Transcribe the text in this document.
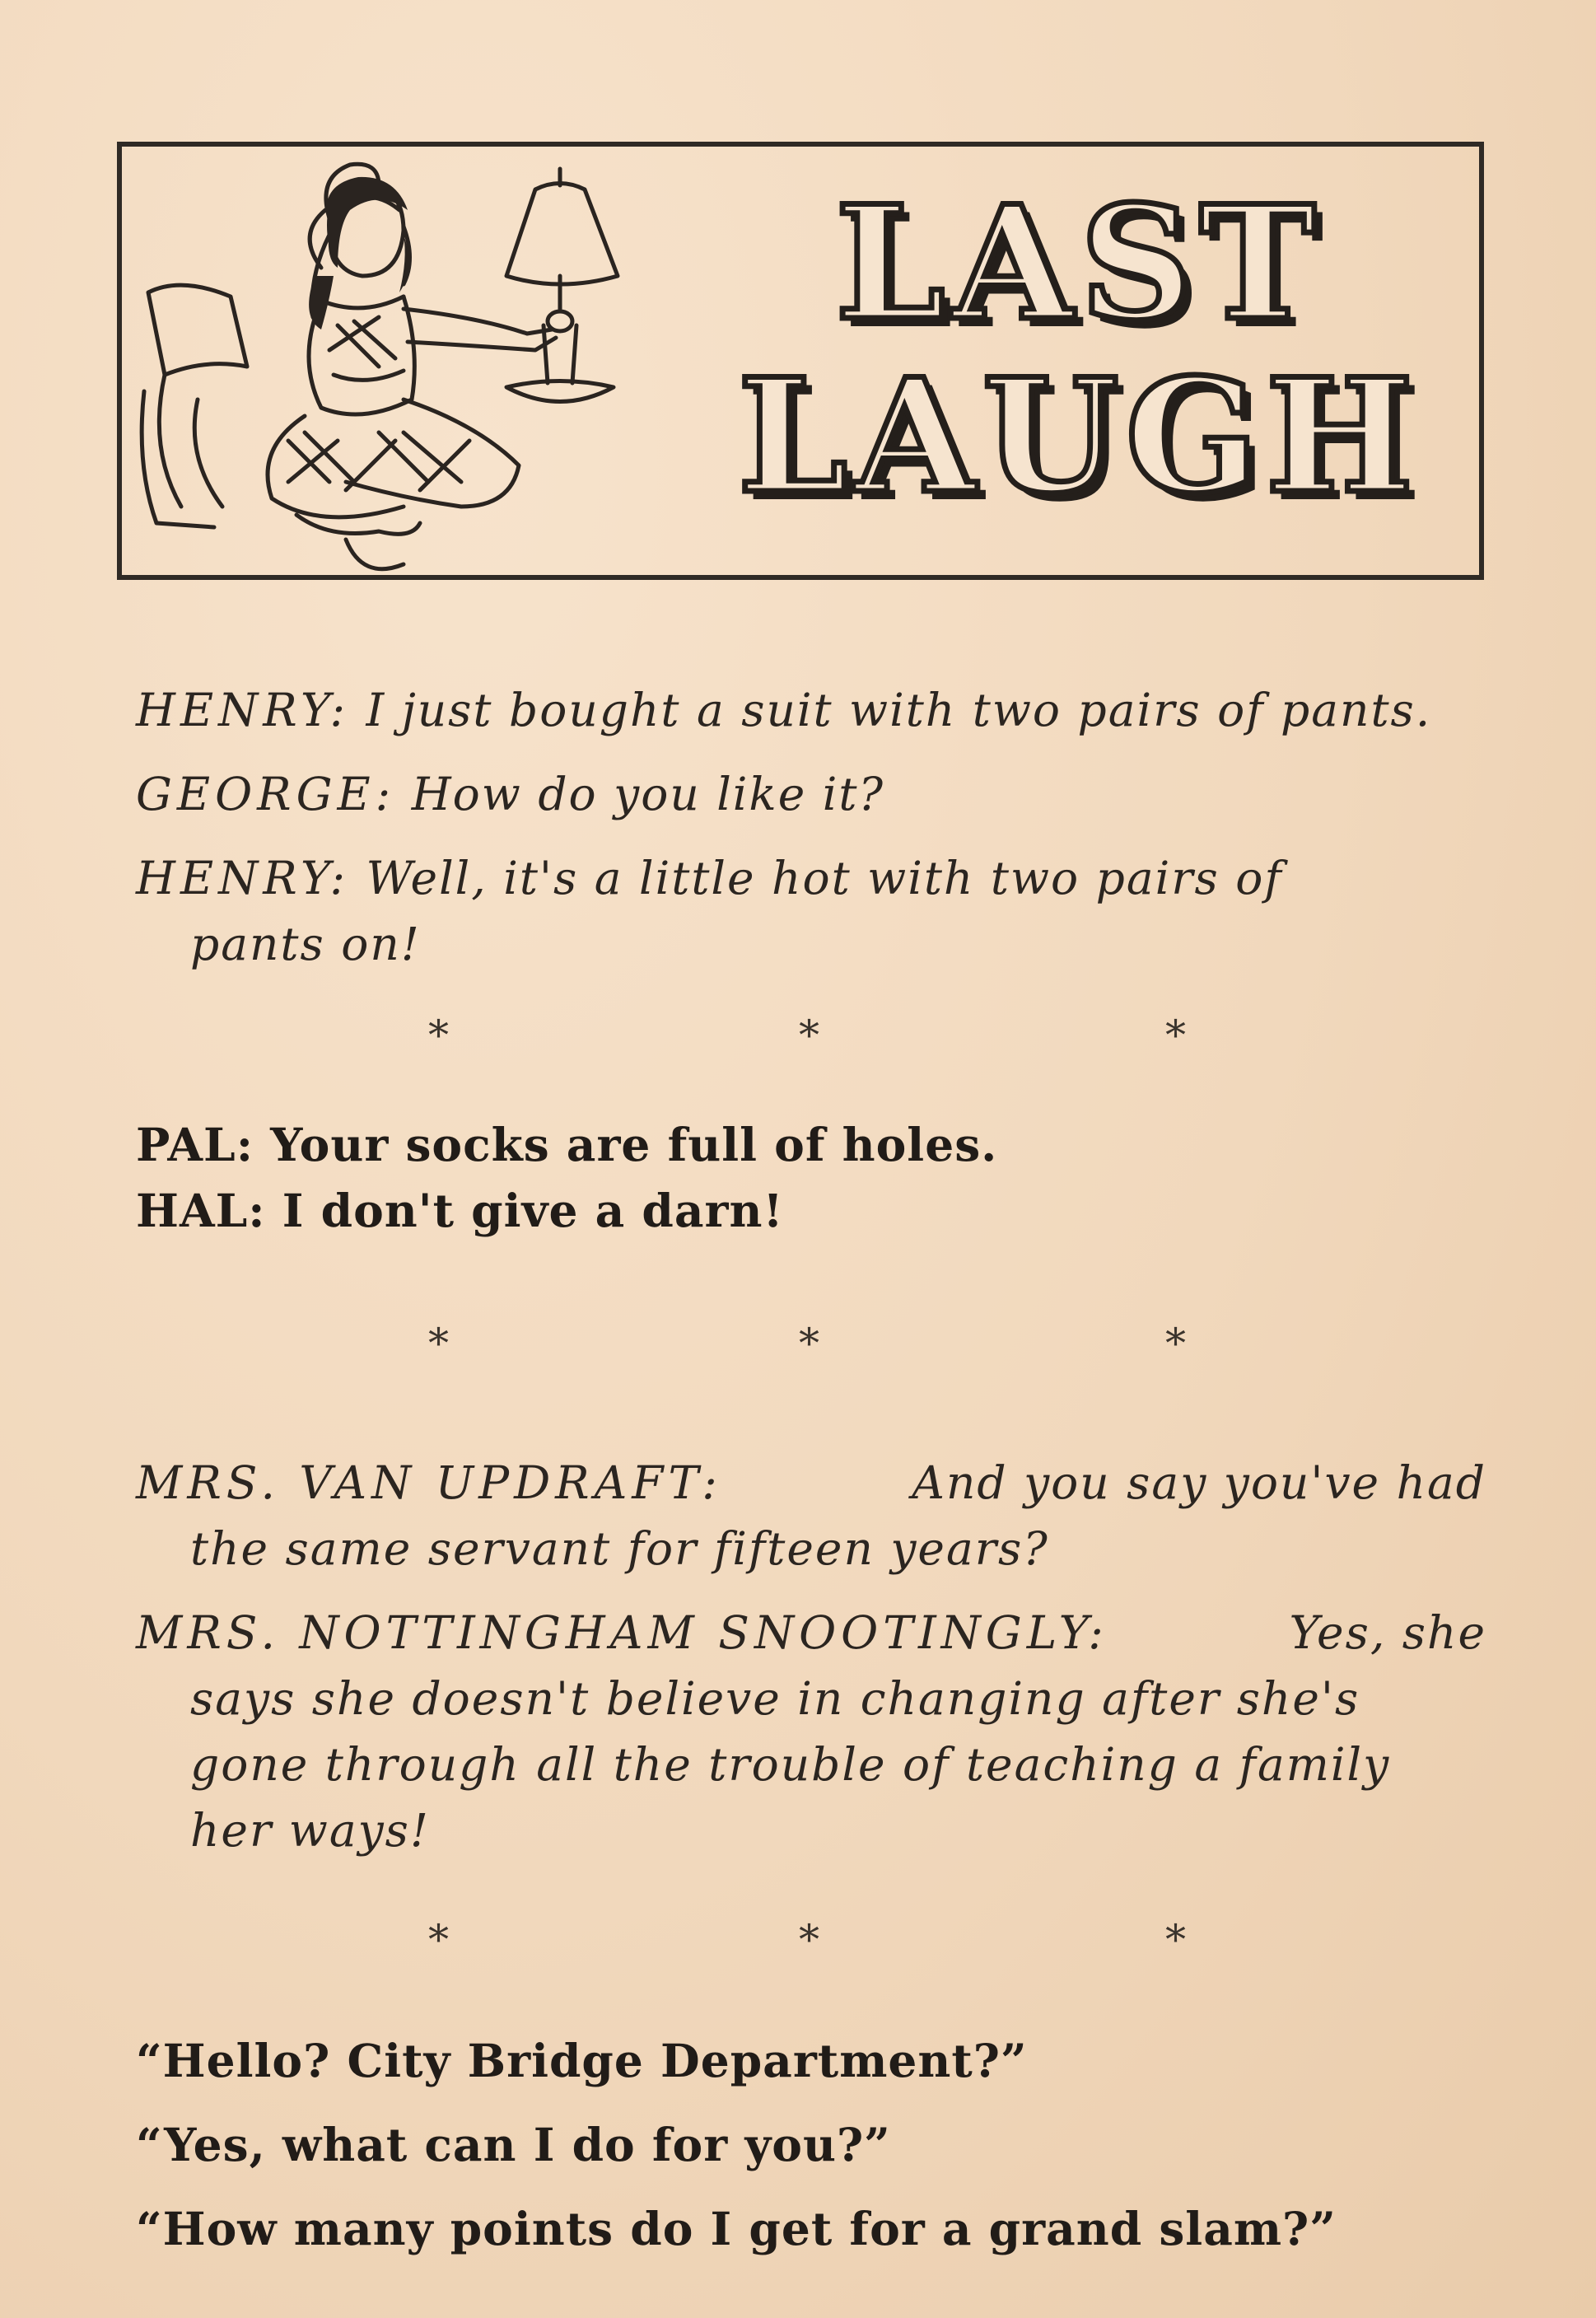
LAST
LAUGH
HENRY: I just bought a suit with two pairs of pants.
GEORGE: How do you like it?
HENRY: Well, it's a little hot with two pairs of
pants on!
*	*	*
PAL: Your socks are full of holes.
HAL: I don't give a darn!
*	*	*
MRS. VAN UPDRAFT:	And you say you've had
the same servant for fifteen years?
MRS. NOTTINGHAM SNOOTINGLY:	Yes, she
says she doesn't believe in changing after she's
gone through all the trouble of teaching a family
her ways!
*	*	*
“Hello? City Bridge Department?”
“Yes, what can I do for you?”
“How many points do I get for a grand slam?”
